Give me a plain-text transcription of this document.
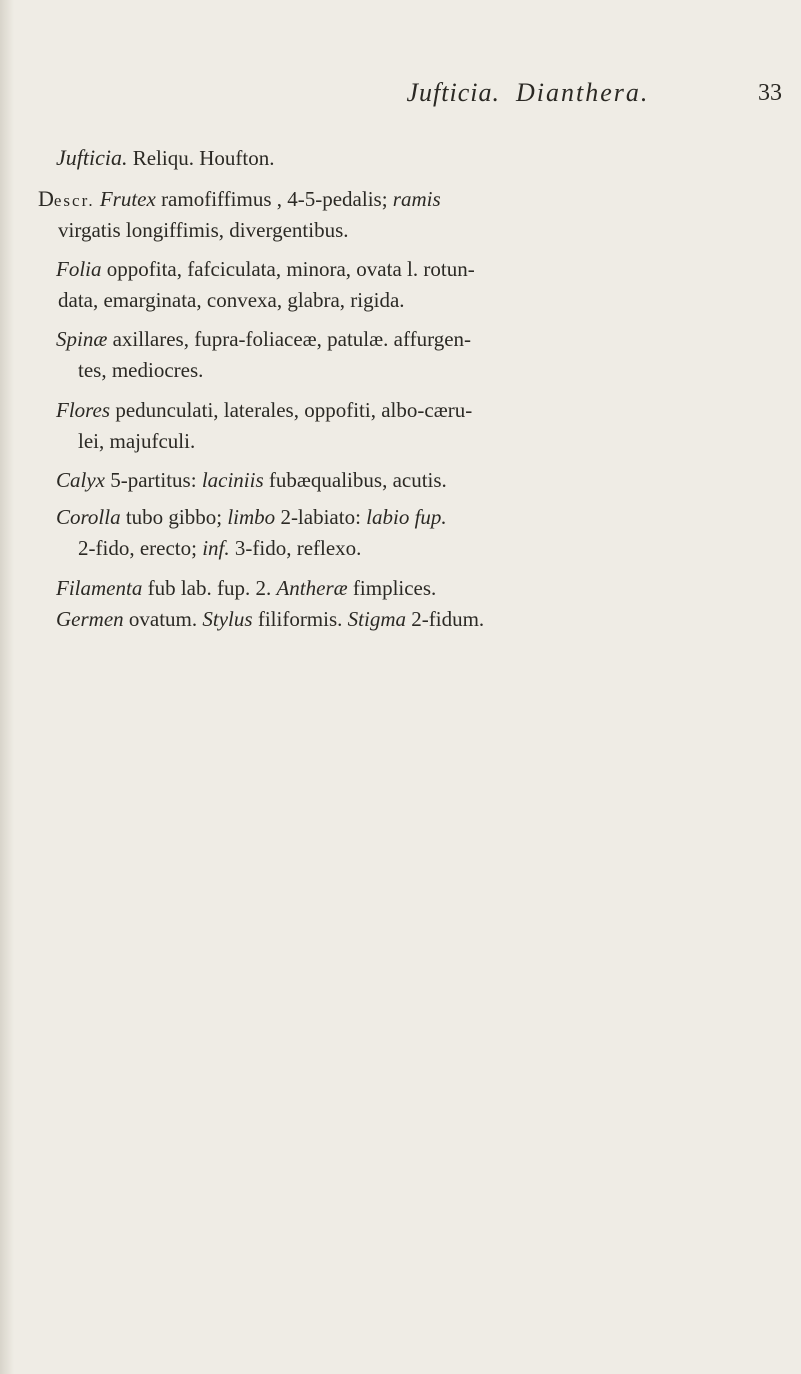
Jufticia. Dianthera.	33
Jufticia. Reliqu. Houfton.
Descr. Frutex ramofiffimus , 4-5-pedalis; ramis
virgatis longiffimis, divergentibus.
Folia oppofita, fafciculata, minora, ovata l. rotun-
data, emarginata, convexa, glabra, rigida.
Spinæ axillares, fupra-foliaceæ, patulæ. affurgen-
tes, mediocres.
Flores pedunculati, laterales, oppofiti, albo-cæru-
lei, majufculi.
Calyx 5-partitus: laciniis fubæqualibus, acutis.
Corolla tubo gibbo; limbo 2-labiato: labio fup.
2-fido, erecto; inf. 3-fido, reflexo.
Filamenta fub lab. fup. 2. Antheræ fimplices.
Germen ovatum. Stylus filiformis. Stigma 2-fidum.
